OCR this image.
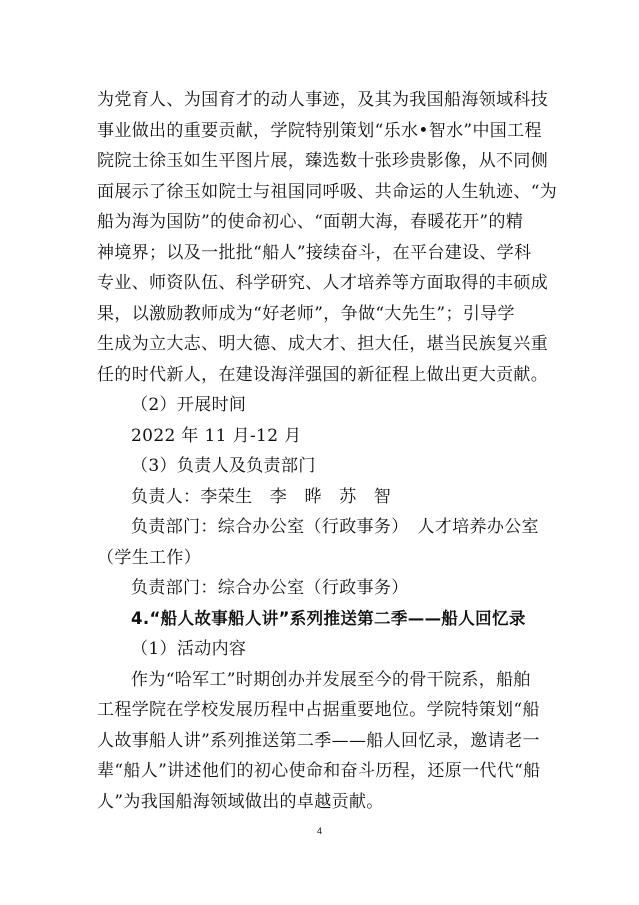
为党育人、为国育才的动人事迹，及其为我国船海领域科技
事业做出的重要贡献，学院特别策划“乐水•智水”中国工程
院院士徐玉如生平图片展，臻选数十张珍贵影像，从不同侧
面展示了徐玉如院士与祖国同呼吸、共命运的人生轨迹、“为
船为海为国防”的使命初心、“面朝大海，春暖花开”的精
神境界；以及一批批“船人”接续奋斗，在平台建设、学科
专业、师资队伍、科学研究、人才培养等方面取得的丰硕成
果，以激励教师成为“好老师”，争做“大先生”；引导学
生成为立大志、明大德、成大才、担大任，堪当民族复兴重
任的时代新人，在建设海洋强国的新征程上做出更大贡献。
（2）开展时间
2022 年 11 月-12 月
（3）负责人及负责部门
负责人：李荣生　李　晔　苏　智
负责部门：综合办公室（行政事务）　人才培养办公室
（学生工作）
负责部门：综合办公室（行政事务）
4.“船人故事船人讲”系列推送第二季——船人回忆录
（1）活动内容
作为“哈军工”时期创办并发展至今的骨干院系，船舶
工程学院在学校发展历程中占据重要地位。学院特策划“船
人故事船人讲”系列推送第二季——船人回忆录，邀请老一
辈“船人”讲述他们的初心使命和奋斗历程，还原一代代“船
人”为我国船海领域做出的卓越贡献。
4
